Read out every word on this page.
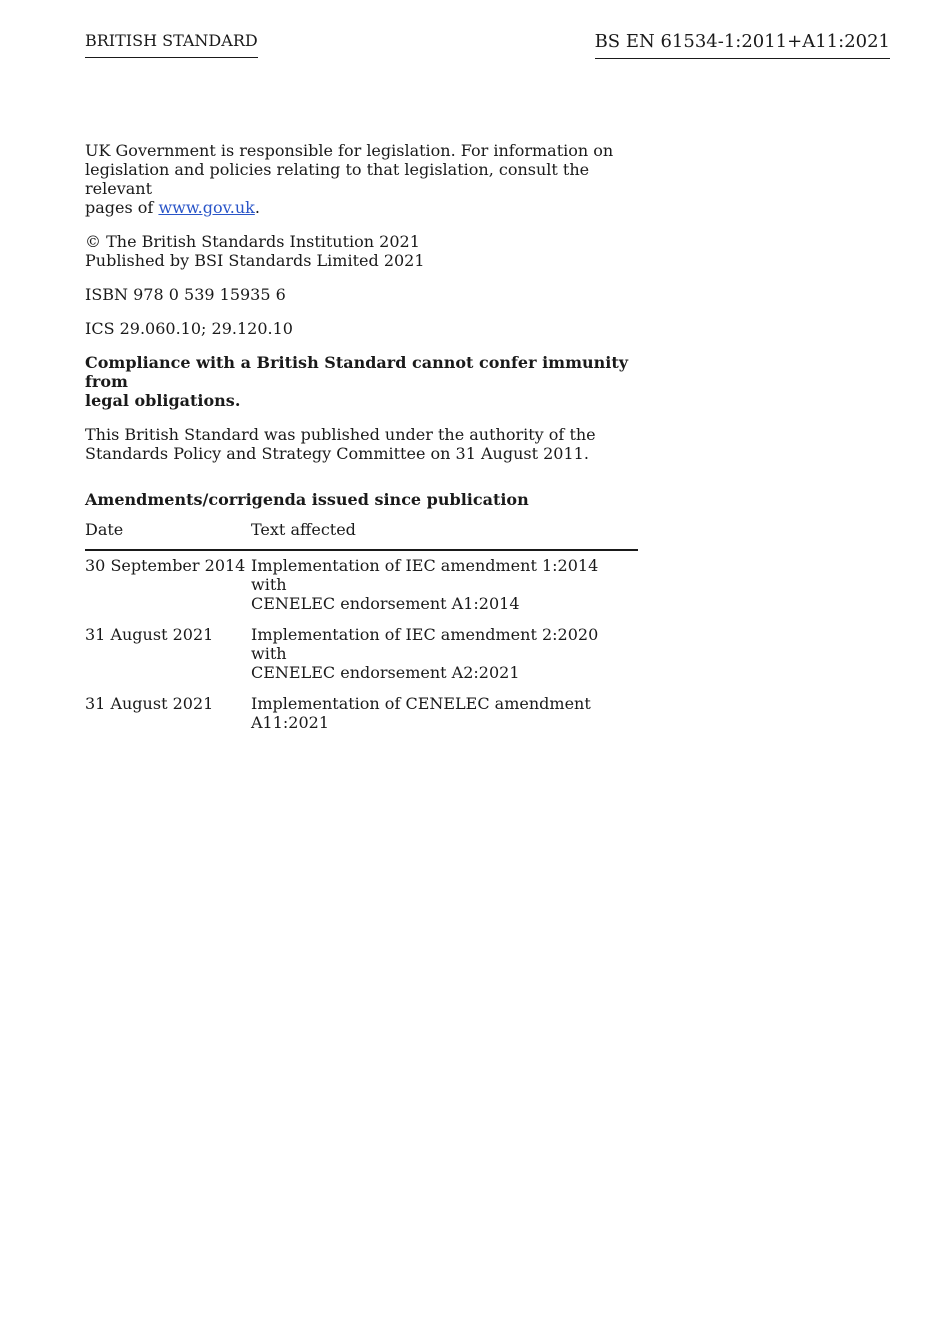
BRITISH STANDARD	BS EN 61534-1:2011+A11:2021

UK Government is responsible for legislation. For information on
legislation and policies relating to that legislation, consult the relevant
pages of www.gov.uk.

© The British Standards Institution 2021
Published by BSI Standards Limited 2021

ISBN 978 0 539 15935 6

ICS 29.060.10; 29.120.10

Compliance with a British Standard cannot confer immunity from
legal obligations.

This British Standard was published under the authority of the
Standards Policy and Strategy Committee on 31 August 2011.

Amendments/corrigenda issued since publication
Date	Text affected
30 September 2014	Implementation of IEC amendment 1:2014 with
CENELEC endorsement A1:2014

31 August 2021	Implementation of IEC amendment 2:2020 with
CENELEC endorsement A2:2021

31 August 2021	Implementation of CENELEC amendment A11:2021
